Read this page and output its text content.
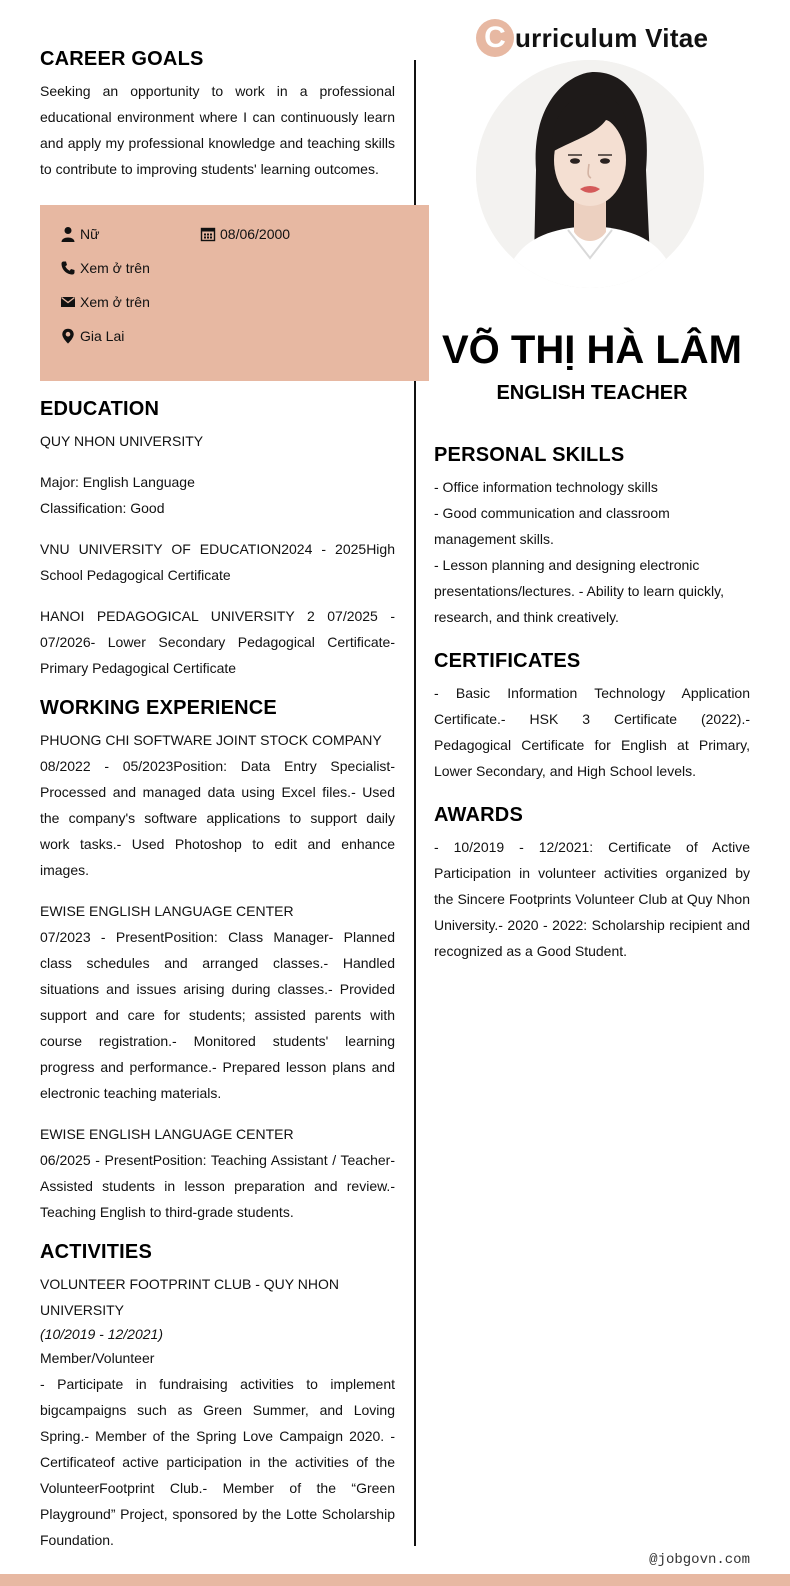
CAREER GOALS

Seeking an opportunity to work in a professional educational environment where I can continuously learn and apply my professional knowledge and teaching skills to contribute to improving students' learning outcomes.

Nữ	08/06/2000
Xem ở trên
Xem ở trên
Gia Lai
EDUCATION

QUY NHON UNIVERSITY

Major: English Language
Classification: Good

VNU UNIVERSITY OF EDUCATION2024 - 2025High School Pedagogical Certificate

HANOI PEDAGOGICAL UNIVERSITY 2 07/2025 - 07/2026- Lower Secondary Pedagogical Certificate- Primary Pedagogical Certificate

WORKING EXPERIENCE
PHUONG CHI SOFTWARE JOINT STOCK COMPANY

08/2022 - 05/2023Position: Data Entry Specialist- Processed and managed data using Excel files.- Used the company's software applications to support daily work tasks.- Used Photoshop to edit and enhance images.

EWISE ENGLISH LANGUAGE CENTER

07/2023 - PresentPosition: Class Manager- Planned class schedules and arranged classes.- Handled situations and issues arising during classes.- Provided support and care for students; assisted parents with course registration.- Monitored students' learning progress and performance.- Prepared lesson plans and electronic teaching materials.

EWISE ENGLISH LANGUAGE CENTER

06/2025 - PresentPosition: Teaching Assistant / Teacher- Assisted students in lesson preparation and review.- Teaching English to third-grade students.

ACTIVITIES
VOLUNTEER FOOTPRINT CLUB - QUY NHON UNIVERSITY
(10/2019 - 12/2021)
Member/Volunteer

- Participate in fundraising activities to implement bigcampaigns such as Green Summer, and Loving Spring.- Member of the Spring Love Campaign 2020. - Certificateof active participation in the activities of the VolunteerFootprint Club.- Member of the “Green Playground” Project, sponsored by the Lotte Scholarship Foundation.

C urriculum Vitae
VÕ THỊ HÀ LÂM
ENGLISH TEACHER
PERSONAL SKILLS

- Office information technology skills
- Good communication and classroom management skills.
- Lesson planning and designing electronic presentations/lectures. - Ability to learn quickly, research, and think creatively.

CERTIFICATES

- Basic Information Technology Application Certificate.- HSK 3 Certificate (2022).- Pedagogical Certificate for English at Primary, Lower Secondary, and High School levels.

AWARDS

- 10/2019 - 12/2021: Certificate of Active Participation in volunteer activities organized by the Sincere Footprints Volunteer Club at Quy Nhon University.- 2020 - 2022: Scholarship recipient and recognized as a Good Student.

@jobgovn.com
